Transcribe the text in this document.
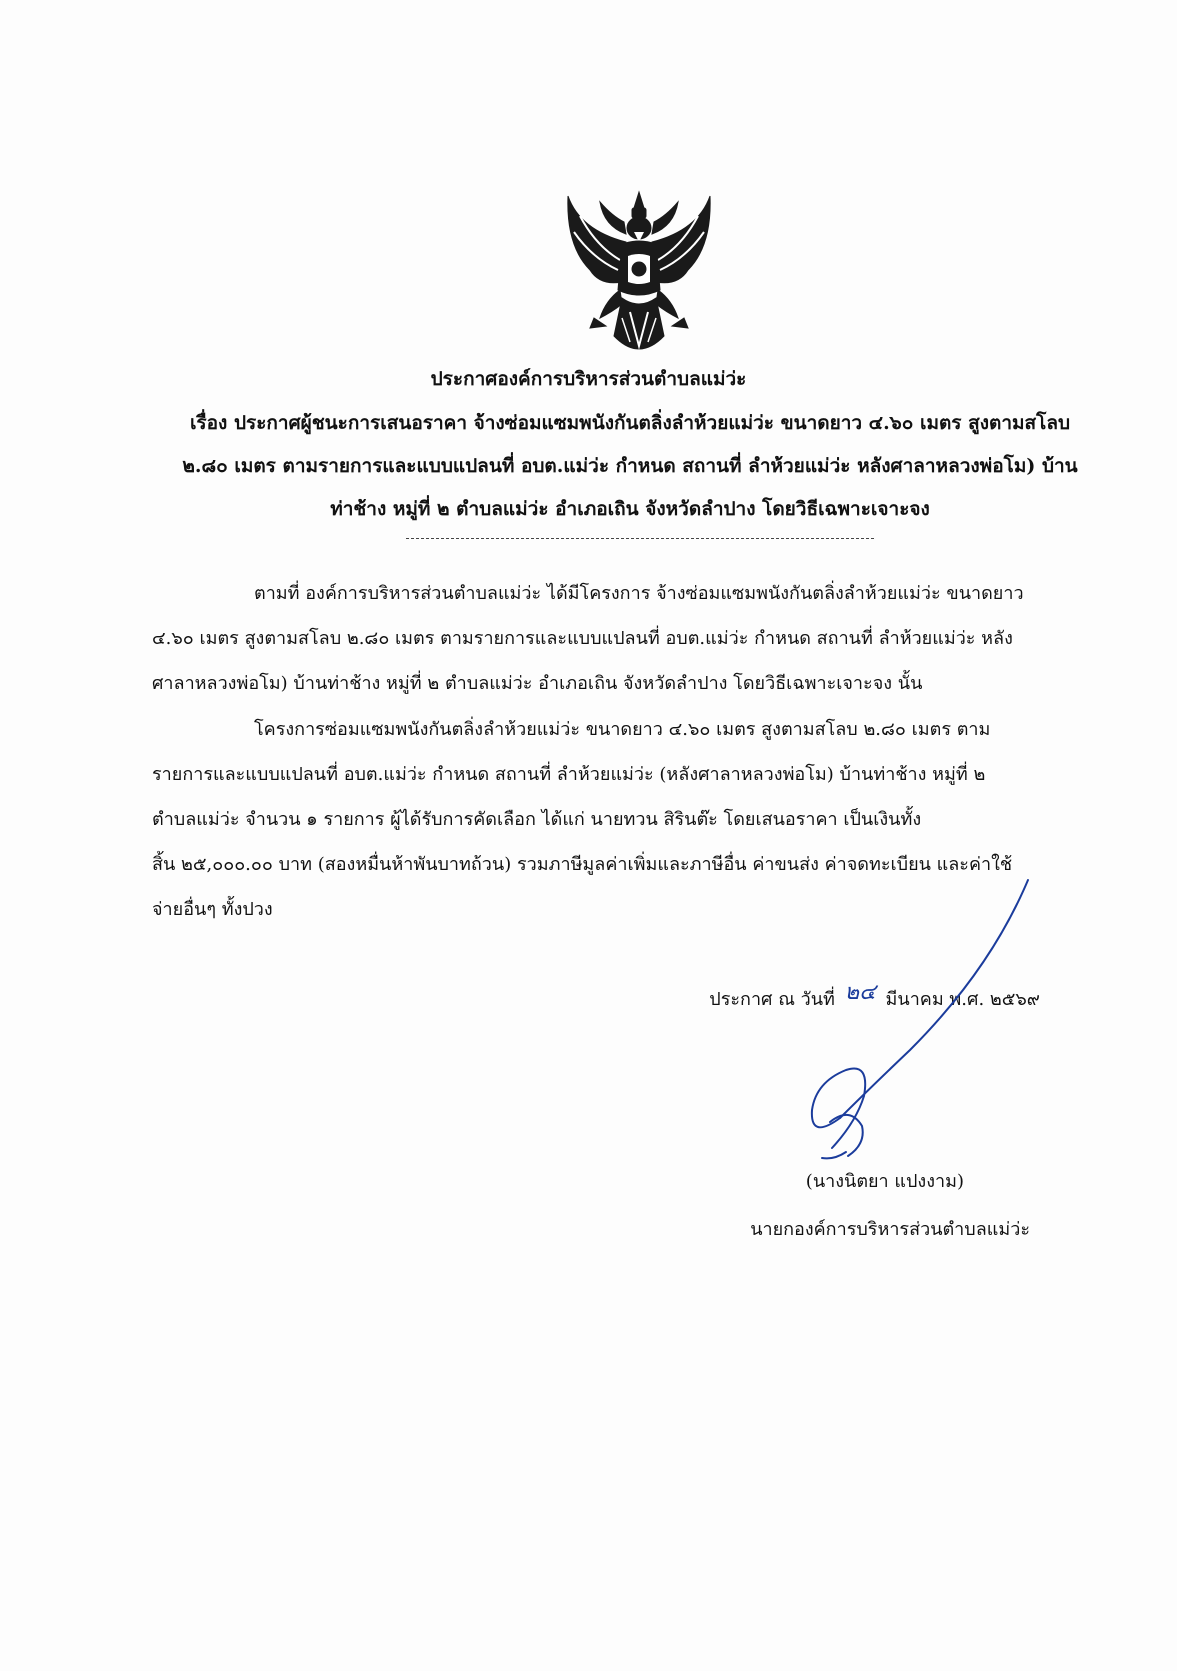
ประกาศองค์การบริหารส่วนตำบลแม่ว่ะ
เรื่อง ประกาศผู้ชนะการเสนอราคา จ้างซ่อมแซมพนังกันตลิ่งลำห้วยแม่ว่ะ ขนาดยาว ๔.๖๐ เมตร สูงตามสโลบ
๒.๘๐ เมตร ตามรายการและแบบแปลนที่ อบต.แม่ว่ะ กำหนด สถานที่ ลำห้วยแม่ว่ะ หลังศาลาหลวงพ่อโม) บ้าน
ท่าช้าง หมู่ที่ ๒ ตำบลแม่ว่ะ อำเภอเถิน จังหวัดลำปาง โดยวิธีเฉพาะเจาะจง
ตามที่ องค์การบริหารส่วนตำบลแม่ว่ะ ได้มีโครงการ จ้างซ่อมแซมพนังกันตลิ่งลำห้วยแม่ว่ะ ขนาดยาว
๔.๖๐ เมตร สูงตามสโลบ ๒.๘๐ เมตร ตามรายการและแบบแปลนที่ อบต.แม่ว่ะ กำหนด สถานที่ ลำห้วยแม่ว่ะ หลัง
ศาลาหลวงพ่อโม) บ้านท่าช้าง หมู่ที่ ๒ ตำบลแม่ว่ะ อำเภอเถิน จังหวัดลำปาง โดยวิธีเฉพาะเจาะจง นั้น
โครงการซ่อมแซมพนังกันตลิ่งลำห้วยแม่ว่ะ ขนาดยาว ๔.๖๐ เมตร สูงตามสโลบ ๒.๘๐ เมตร ตาม
รายการและแบบแปลนที่ อบต.แม่ว่ะ กำหนด สถานที่ ลำห้วยแม่ว่ะ (หลังศาลาหลวงพ่อโม) บ้านท่าช้าง หมู่ที่ ๒
ตำบลแม่ว่ะ จำนวน ๑ รายการ ผู้ได้รับการคัดเลือก ได้แก่ นายทวน สิรินต๊ะ โดยเสนอราคา เป็นเงินทั้ง
สิ้น ๒๕,๐๐๐.๐๐ บาท (สองหมื่นห้าพันบาทถ้วน) รวมภาษีมูลค่าเพิ่มและภาษีอื่น ค่าขนส่ง ค่าจดทะเบียน และค่าใช้
จ่ายอื่นๆ ทั้งปวง
ประกาศ ณ วันที่ ๒๔ มีนาคม พ.ศ. ๒๕๖๙
(นางนิตยา แปงงาม)
นายกองค์การบริหารส่วนตำบลแม่ว่ะ
